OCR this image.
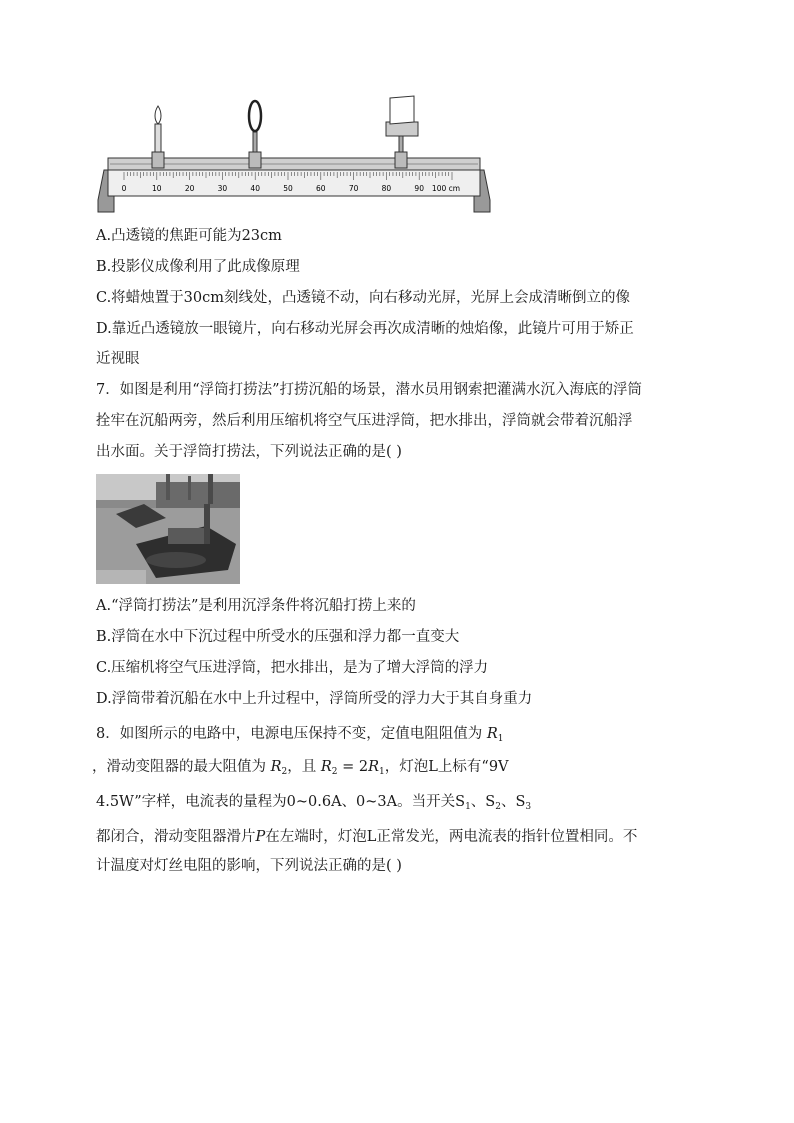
0	10	20	30	40	50	60	70	80	90 100 cm
A.凸透镜的焦距可能为23cm
B.投影仪成像利用了此成像原理
C.将蜡烛置于30cm刻线处，凸透镜不动，向右移动光屏，光屏上会成清晰倒立的像
D.靠近凸透镜放一眼镜片，向右移动光屏会再次成清晰的烛焰像，此镜片可用于矫正
近视眼
7．如图是利用“浮筒打捞法”打捞沉船的场景，潜水员用钢索把灌满水沉入海底的浮筒
拴牢在沉船两旁，然后利用压缩机将空气压进浮筒，把水排出，浮筒就会带着沉船浮
出水面。关于浮筒打捞法，下列说法正确的是( )
A.“浮筒打捞法”是利用沉浮条件将沉船打捞上来的
B.浮筒在水中下沉过程中所受水的压强和浮力都一直变大
C.压缩机将空气压进浮筒，把水排出，是为了增大浮筒的浮力
D.浮筒带着沉船在水中上升过程中，浮筒所受的浮力大于其自身重力
8．如图所示的电路中，电源电压保持不变，定值电阻阻值为 $R_1$
，滑动变阻器的最大阻值为 $R_2$，且 $R_2 = 2R_1$，灯泡L上标有“9V
4.5W”字样，电流表的量程为0~0.6A、0~3A。当开关$S_1$、$S_2$、$S_3$
都闭合，滑动变阻器滑片P在左端时，灯泡L正常发光，两电流表的指针位置相同。不
计温度对灯丝电阻的影响，下列说法正确的是( )
